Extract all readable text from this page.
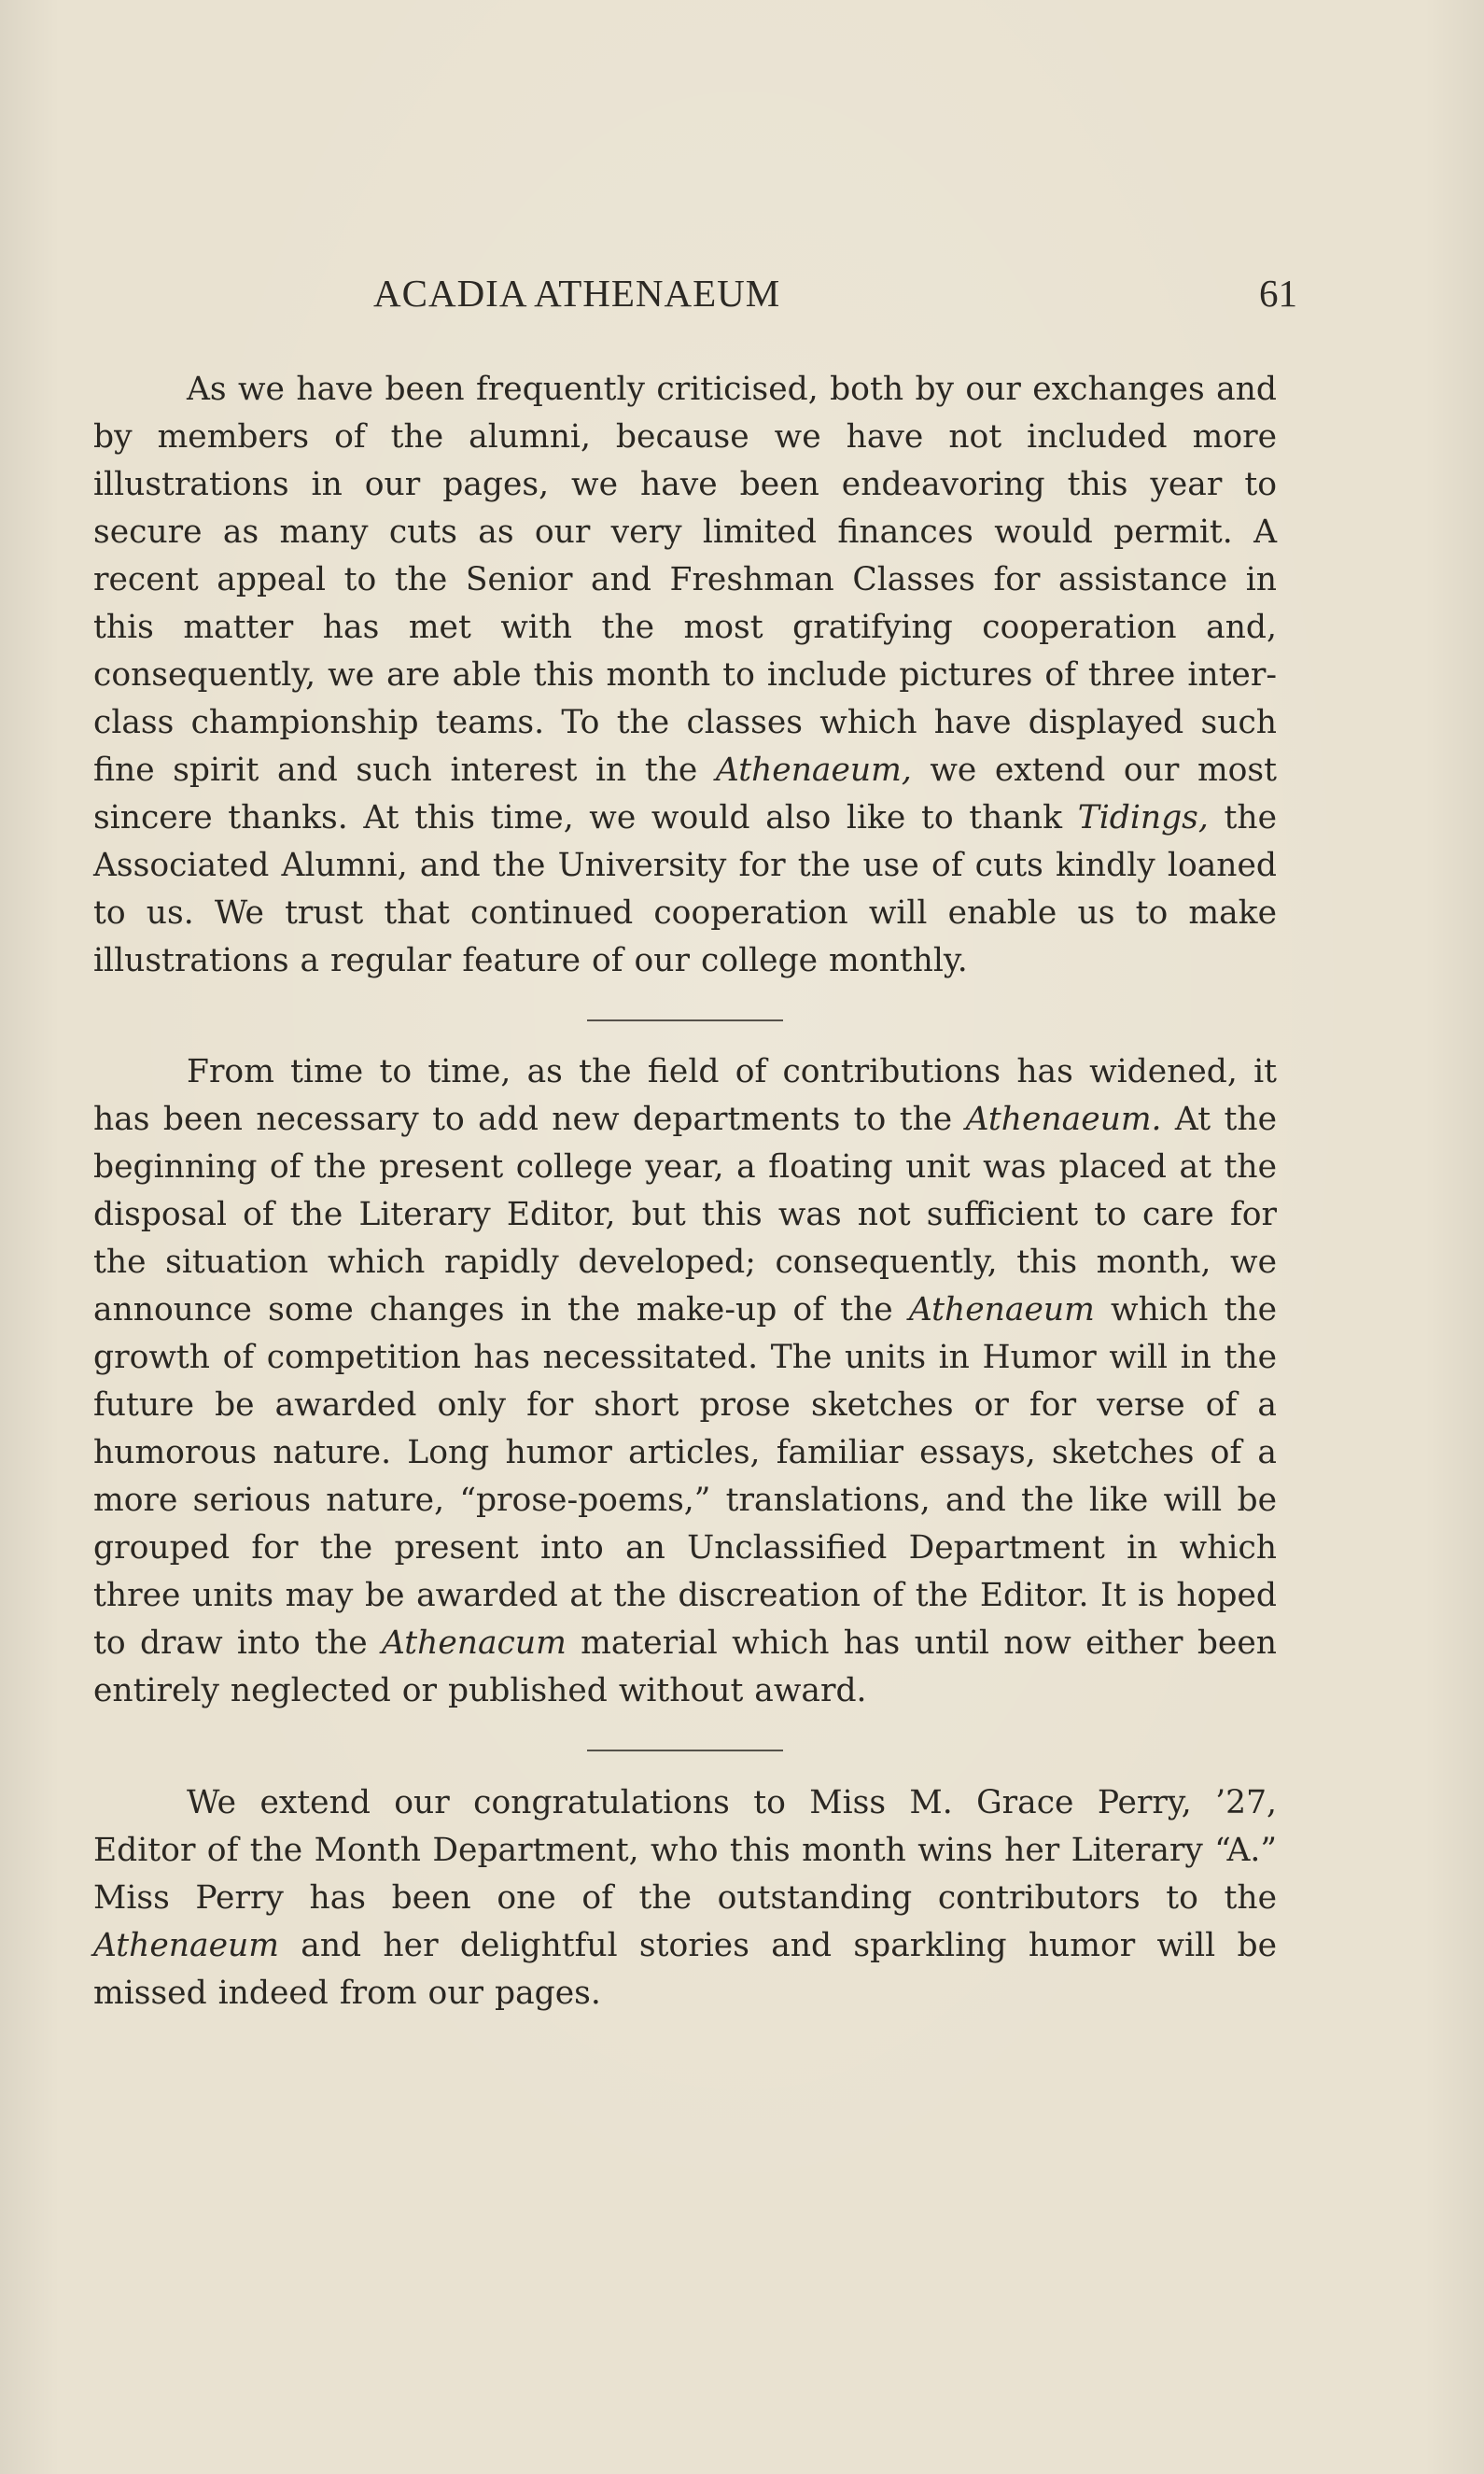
ACADIA ATHENAEUM	61

As we have been frequently criticised, both by our exchanges and by members of the alumni, because we have not included more illustrations in our pages, we have been endeavoring this year to secure as many cuts as our very limited finances would permit. A recent appeal to the Senior and Freshman Classes for assistance in this matter has met with the most gratifying cooperation and, consequently, we are able this month to include pictures of three inter-class championship teams. To the classes which have displayed such fine spirit and such interest in the Athenaeum, we extend our most sincere thanks. At this time, we would also like to thank Tidings, the Associated Alumni, and the University for the use of cuts kindly loaned to us. We trust that continued cooperation will enable us to make illustrations a regular feature of our college monthly.

From time to time, as the field of contributions has widened, it has been necessary to add new departments to the Athenaeum. At the beginning of the present college year, a floating unit was placed at the disposal of the Literary Editor, but this was not sufficient to care for the situation which rapidly developed; consequently, this month, we announce some changes in the make-up of the Athenaeum which the growth of competition has necessitated. The units in Humor will in the future be awarded only for short prose sketches or for verse of a humorous nature. Long humor articles, familiar essays, sketches of a more serious nature, “prose-poems,” translations, and the like will be grouped for the present into an Unclassified Department in which three units may be awarded at the discreation of the Editor. It is hoped to draw into the Athenacum material which has until now either been entirely neglected or published without award.

We extend our congratulations to Miss M. Grace Perry, ’27, Editor of the Month Department, who this month wins her Literary “A.” Miss Perry has been one of the outstanding contributors to the Athenaeum and her delightful stories and sparkling humor will be missed indeed from our pages.
